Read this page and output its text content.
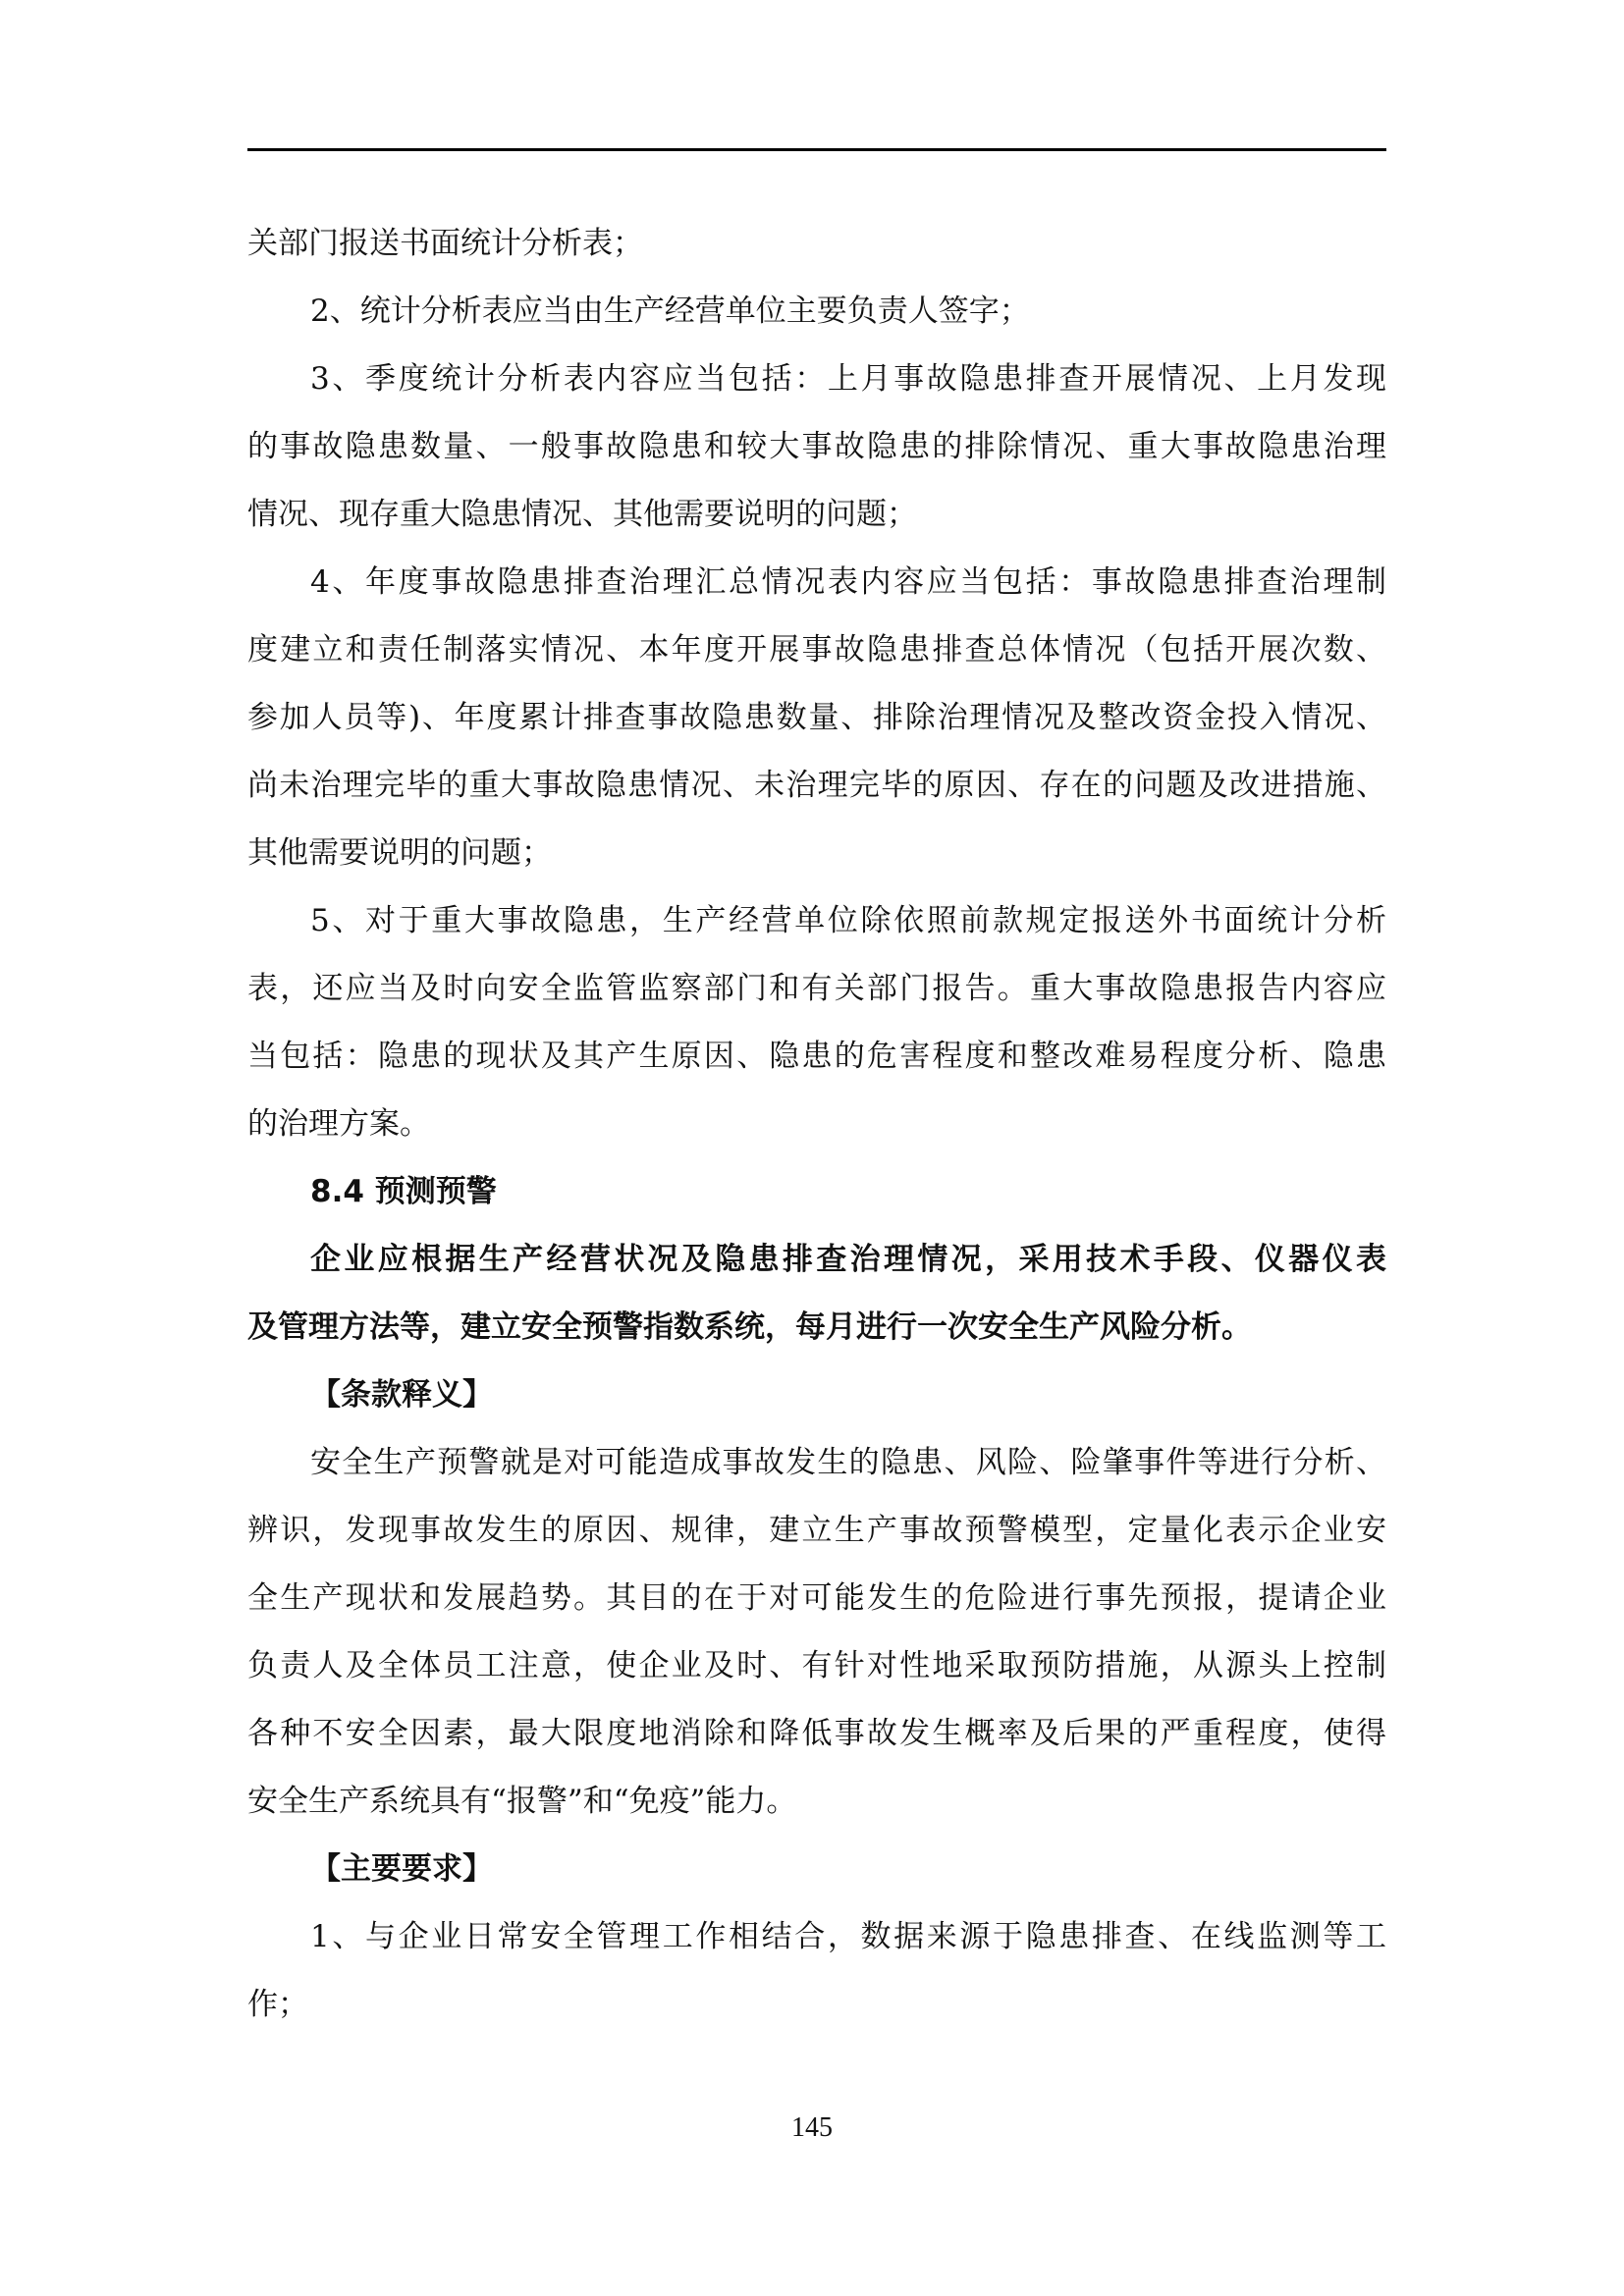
关部门报送书面统计分析表；
2、统计分析表应当由生产经营单位主要负责人签字；
3、季度统计分析表内容应当包括：上月事故隐患排查开展情况、上月发现
的事故隐患数量、一般事故隐患和较大事故隐患的排除情况、重大事故隐患治理
情况、现存重大隐患情况、其他需要说明的问题；
4、年度事故隐患排查治理汇总情况表内容应当包括：事故隐患排查治理制
度建立和责任制落实情况、本年度开展事故隐患排查总体情况（包括开展次数、
参加人员等)、年度累计排查事故隐患数量、排除治理情况及整改资金投入情况、
尚未治理完毕的重大事故隐患情况、未治理完毕的原因、存在的问题及改进措施、
其他需要说明的问题；
5、对于重大事故隐患，生产经营单位除依照前款规定报送外书面统计分析
表，还应当及时向安全监管监察部门和有关部门报告。重大事故隐患报告内容应
当包括：隐患的现状及其产生原因、隐患的危害程度和整改难易程度分析、隐患
的治理方案。
8.4 预测预警
企业应根据生产经营状况及隐患排查治理情况，采用技术手段、仪器仪表
及管理方法等，建立安全预警指数系统，每月进行一次安全生产风险分析。
【条款释义】
安全生产预警就是对可能造成事故发生的隐患、风险、险肇事件等进行分析、
辨识，发现事故发生的原因、规律，建立生产事故预警模型，定量化表示企业安
全生产现状和发展趋势。其目的在于对可能发生的危险进行事先预报，提请企业
负责人及全体员工注意，使企业及时、有针对性地采取预防措施，从源头上控制
各种不安全因素，最大限度地消除和降低事故发生概率及后果的严重程度，使得
安全生产系统具有“报警”和“免疫”能力。
【主要要求】
1、与企业日常安全管理工作相结合，数据来源于隐患排查、在线监测等工
作；
145
